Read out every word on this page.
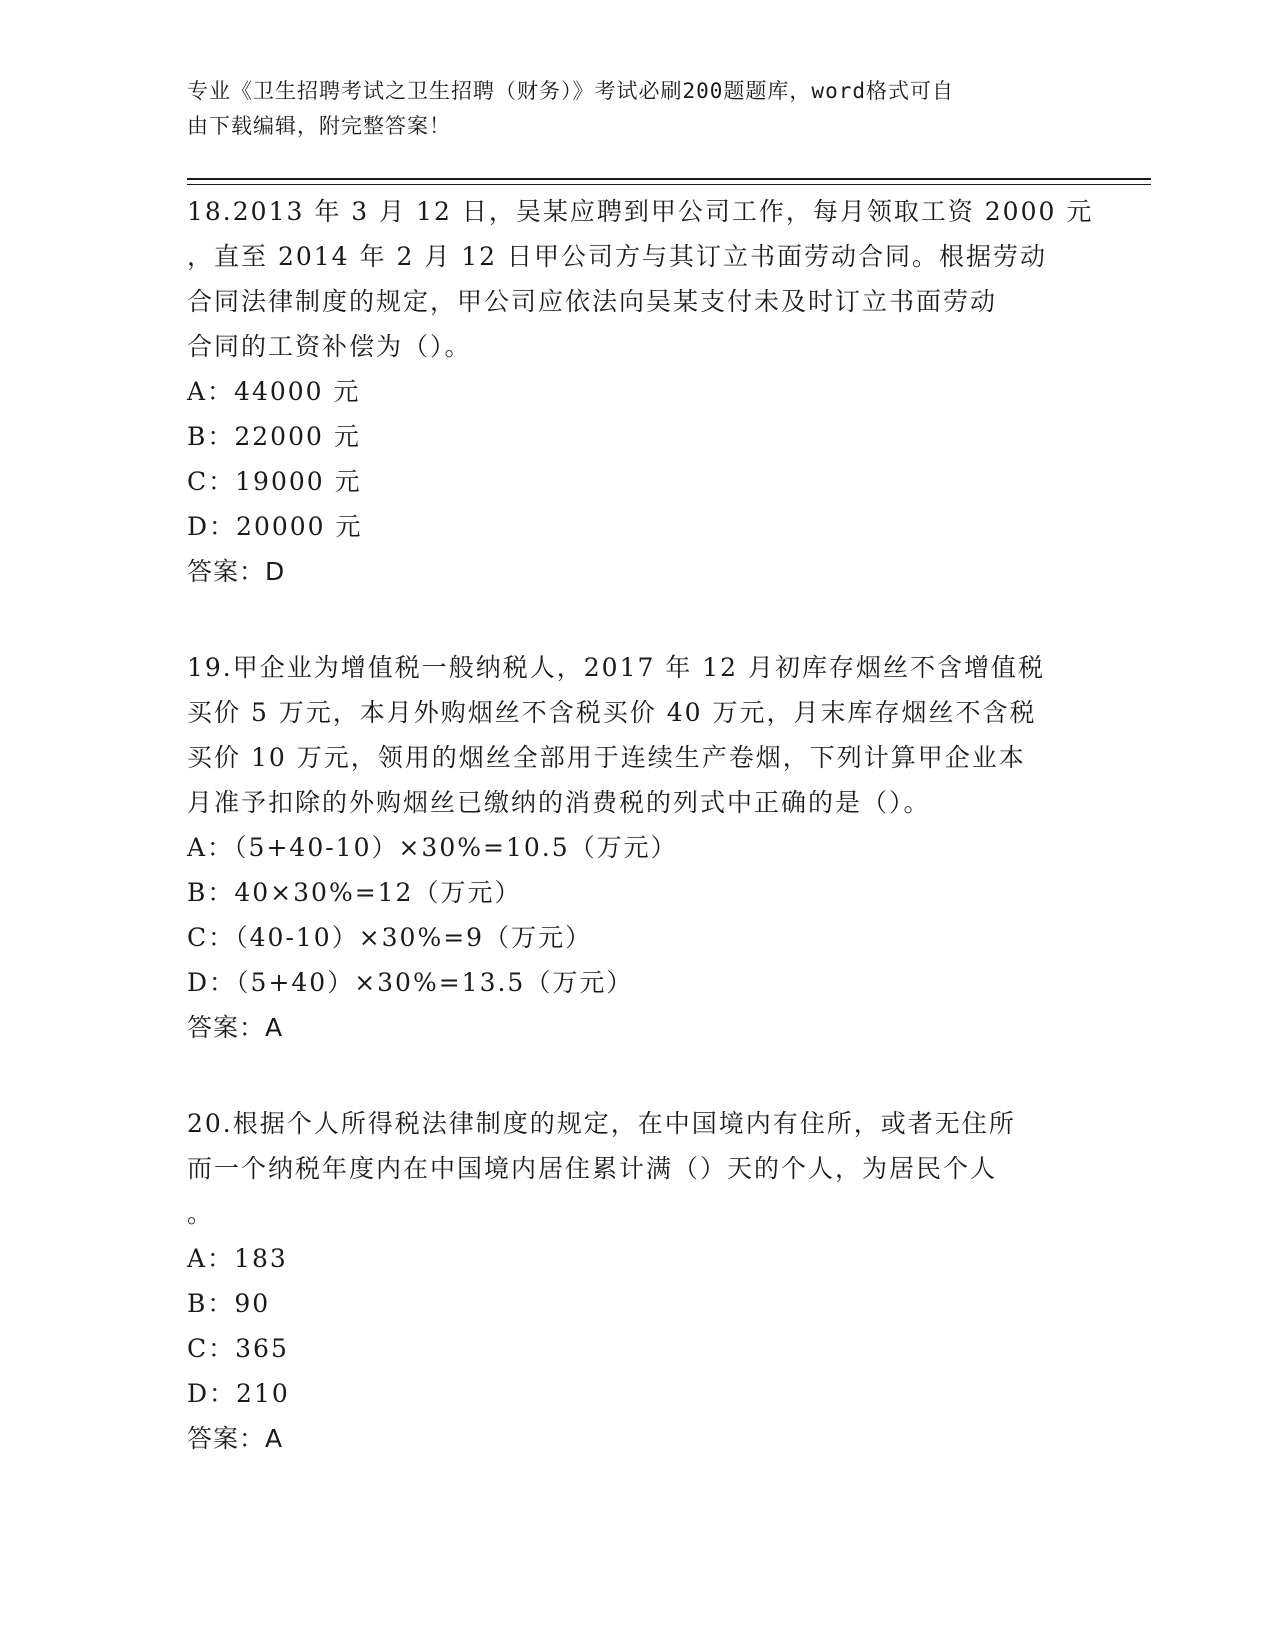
专业《卫生招聘考试之卫生招聘（财务）》考试必刷200题题库，word格式可自
由下载编辑，附完整答案！
18.2013 年 3 月 12 日，吴某应聘到甲公司工作，每月领取工资 2000 元
，直至 2014 年 2 月 12 日甲公司方与其订立书面劳动合同。根据劳动
合同法律制度的规定，甲公司应依法向吴某支付未及时订立书面劳动
合同的工资补偿为（）。
A：44000 元
B：22000 元
C：19000 元
D：20000 元
答案：D
19.甲企业为增值税一般纳税人，2017 年 12 月初库存烟丝不含增值税
买价 5 万元，本月外购烟丝不含税买价 40 万元，月末库存烟丝不含税
买价 10 万元，领用的烟丝全部用于连续生产卷烟，下列计算甲企业本
月准予扣除的外购烟丝已缴纳的消费税的列式中正确的是（）。
A：（5+40-10）×30%=10.5（万元）
B：40×30%=12（万元）
C：（40-10）×30%=9（万元）
D：（5+40）×30%=13.5（万元）
答案：A
20.根据个人所得税法律制度的规定，在中国境内有住所，或者无住所
而一个纳税年度内在中国境内居住累计满（）天的个人，为居民个人
。
A：183
B：90
C：365
D：210
答案：A
